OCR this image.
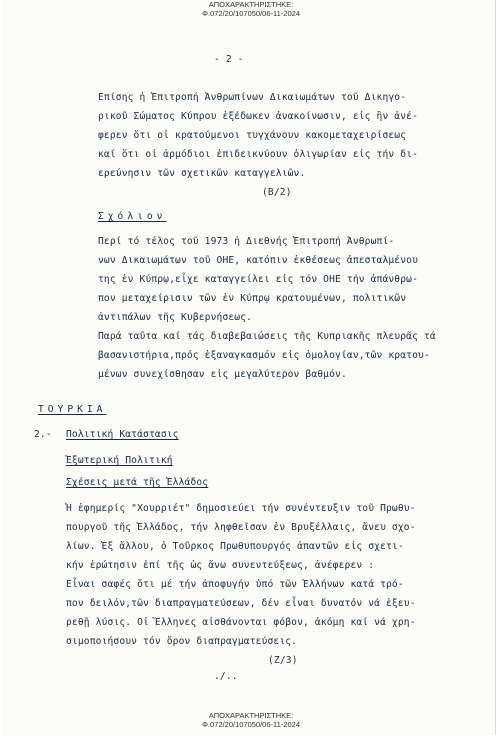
ΑΠΟΧΑΡΑΚΤΗΡΙΣΤΗΚΕ:
Φ.072/20/107050/06-11-2024
- 2 -
Επίσης ἡ Ἐπιτροπή Ἀνθρωπίνων Δικαιωμάτων τοῦ Δικηγο-
ρικοῦ Σώματος Κύπρου ἐξέδωκεν ἀνακοίνωσιν, εἰς ἣν ἀνέ-
φερεν ὅτι οἱ κρατούμενοι τυγχάνουν κακομεταχειρίσεως
καί ὅτι οἱ ἁρμόδιοι ἐπιδεικνύουν ὀλιγωρίαν εἰς τήν δι-
ερεύνησιν τῶν σχετικῶν καταγγελιῶν.
(Β/2)
Σχόλιον
Περί τό τέλος τοῦ 1973 ἡ Διεθνής Ἐπιτροπή Ἀνθρωπί-
νων Δικαιωμάτων τοῦ ΟΗΕ, κατόπιν ἐκθέσεως ἀπεσταλμένου
της ἐν Κύπρῳ,εἶχε καταγγείλει εἰς τόν ΟΗΕ τήν ἀπάνθρω-
πον μεταχείρισιν τῶν ἐν Κύπρῳ κρατουμένων, πολιτικῶν
ἀντιπάλων τῆς Κυβερνήσεως.
Παρά ταῦτα καί τάς διαβεβαιώσεις τῆς Κυπριακῆς πλευρᾶς τά
βασανιστήρια,πρός ἐξαναγκασμόν εἰς ὁμολογίαν,τῶν κρατου-
μένων συνεχίσθησαν εἰς μεγαλύτερον βαθμόν.
ΤΟΥΡΚΙΑ
2.- Πολιτική Κατάστασις
Ἐξωτερική Πολιτική
Σχέσεις μετά τῆς Ἑλλάδος
Ἡ ἐφημερίς "Χουρριέτ" δημοσιεύει τήν συνέντευξιν τοῦ Πρωθυ-
πουργοῦ τῆς Ἑλλάδος, τήν ληφθεῖσαν ἐν Βρυξέλλαις, ἄνευ σχο-
λίων. Ἐξ ἄλλου, ὁ Τοῦρκος Πρωθυπουργός ἀπαντῶν εἰς σχετι-
κήν ἐρώτησιν ἐπί τῆς ὡς ἄνω συνεντεύξεως, ἀνέφερεν :
Εἶναι σαφές ὅτι μέ τήν ἀποφυγήν ὑπό τῶν Ἑλλήνων κατά τρό-
πον δειλόν,τῶν διαπραγματεύσεων, δέν εἶναι δυνατόν νά ἐξευ-
ρεθῇ λύσις. Οἱ Ἕλληνες αἰσθάνονται φόβον, ἀκόμη καί νά χρη-
σιμοποιήσουν τόν ὅρον διαπραγματεύσεις.
(Ζ/3)
./..
ΑΠΟΧΑΡΑΚΤΗΡΙΣΤΗΚΕ:
Φ.072/20/107050/06-11-2024
